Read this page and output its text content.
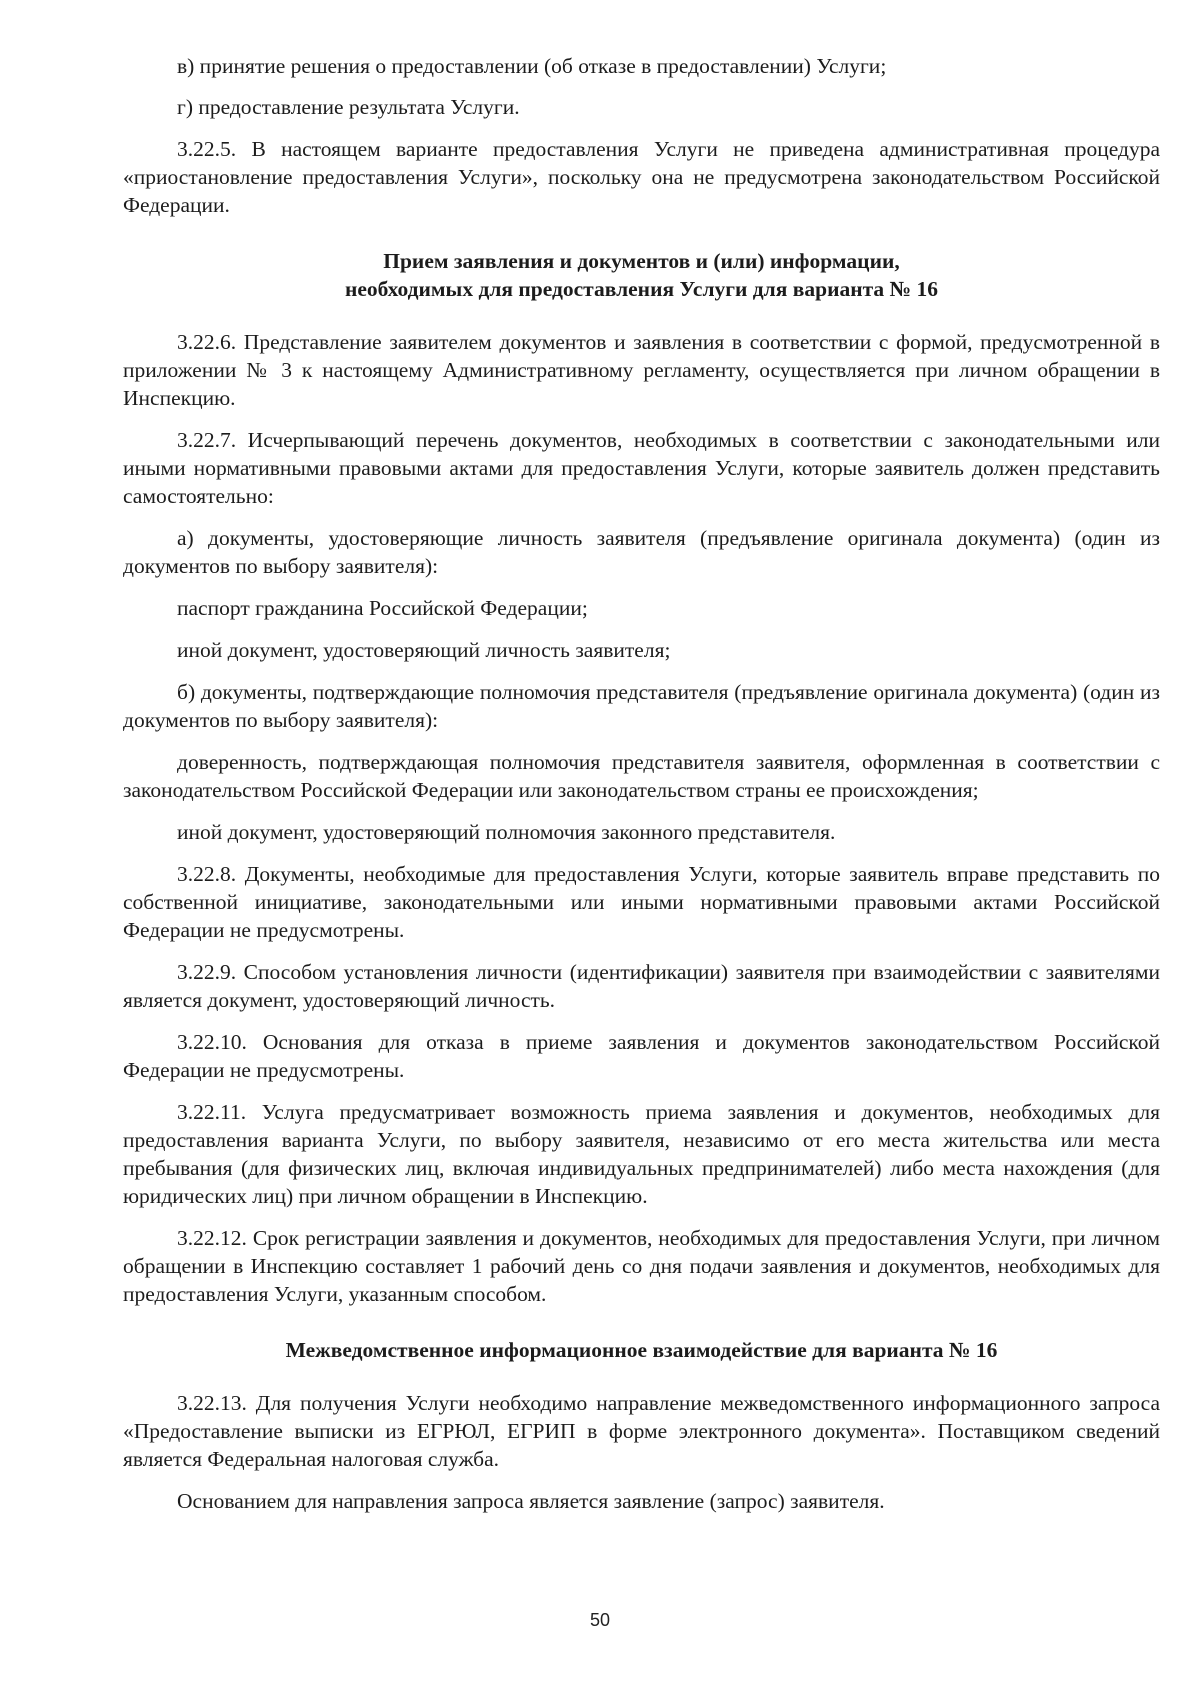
в) принятие решения о предоставлении (об отказе в предоставлении) Услуги;

г) предоставление результата Услуги.

3.22.5. В настоящем варианте предоставления Услуги не приведена административная процедура «приостановление предоставления Услуги», поскольку она не предусмотрена законодательством Российской Федерации.

Прием заявления и документов и (или) информации,

необходимых для предоставления Услуги для варианта № 16

3.22.6. Представление заявителем документов и заявления в соответствии с формой, предусмотренной в приложении № 3 к настоящему Административному регламенту, осуществляется при личном обращении в Инспекцию.

3.22.7. Исчерпывающий перечень документов, необходимых в соответствии с законодательными или иными нормативными правовыми актами для предоставления Услуги, которые заявитель должен представить самостоятельно:

а) документы, удостоверяющие личность заявителя (предъявление оригинала документа) (один из документов по выбору заявителя):

паспорт гражданина Российской Федерации;

иной документ, удостоверяющий личность заявителя;

б) документы, подтверждающие полномочия представителя (предъявление оригинала документа) (один из документов по выбору заявителя):

доверенность, подтверждающая полномочия представителя заявителя, оформленная в соответствии с законодательством Российской Федерации или законодательством страны ее происхождения;

иной документ, удостоверяющий полномочия законного представителя.

3.22.8. Документы, необходимые для предоставления Услуги, которые заявитель вправе представить по собственной инициативе, законодательными или иными нормативными правовыми актами Российской Федерации не предусмотрены.

3.22.9. Способом установления личности (идентификации) заявителя при взаимодействии с заявителями является документ, удостоверяющий личность.

3.22.10. Основания для отказа в приеме заявления и документов законодательством Российской Федерации не предусмотрены.

3.22.11. Услуга предусматривает возможность приема заявления и документов, необходимых для предоставления варианта Услуги, по выбору заявителя, независимо от его места жительства или места пребывания (для физических лиц, включая индивидуальных предпринимателей) либо места нахождения (для юридических лиц) при личном обращении в Инспекцию.

3.22.12. Срок регистрации заявления и документов, необходимых для предоставления Услуги, при личном обращении в Инспекцию составляет 1 рабочий день со дня подачи заявления и документов, необходимых для предоставления Услуги, указанным способом.

Межведомственное информационное взаимодействие для варианта № 16

3.22.13. Для получения Услуги необходимо направление межведомственного информационного запроса «Предоставление выписки из ЕГРЮЛ, ЕГРИП в форме электронного документа». Поставщиком сведений является Федеральная налоговая служба.

Основанием для направления запроса является заявление (запрос) заявителя.

50
